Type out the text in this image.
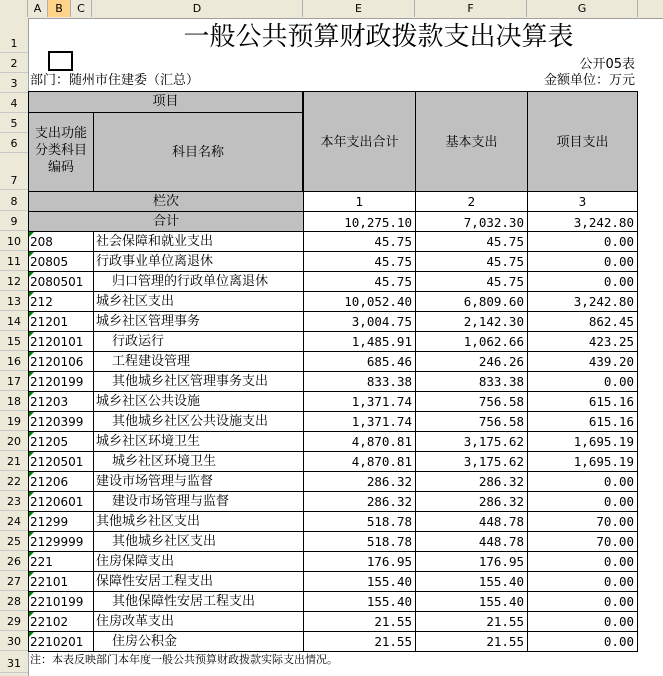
A	B	C	D	E	F	G
1
2
3
4
5
6
7
8
9
10
11
12
13
14
15
16
17
18
19
20
21
22
23
24
25
26
27
28
29
30
31
一般公共预算财政拨款支出决算表
公开05表
部门：随州市住建委（汇总）	金额单位：万元
项目
支出功能
分类科目
编码
科目名称
本年支出合计	基本支出	项目支出
栏次	1	2	3
合计	10,275.10	7,032.30	3,242.80
208	社会保障和就业支出	45.75	45.75	0.00
20805	行政事业单位离退休	45.75	45.75	0.00
2080501	归口管理的行政单位离退休	45.75	45.75	0.00
212	城乡社区支出	10,052.40	6,809.60	3,242.80
21201	城乡社区管理事务	3,004.75	2,142.30	862.45
2120101	行政运行	1,485.91	1,062.66	423.25
2120106	工程建设管理	685.46	246.26	439.20
2120199	其他城乡社区管理事务支出	833.38	833.38	0.00
21203	城乡社区公共设施	1,371.74	756.58	615.16
2120399	其他城乡社区公共设施支出	1,371.74	756.58	615.16
21205	城乡社区环境卫生	4,870.81	3,175.62	1,695.19
2120501	城乡社区环境卫生	4,870.81	3,175.62	1,695.19
21206	建设市场管理与监督	286.32	286.32	0.00
2120601	建设市场管理与监督	286.32	286.32	0.00
21299	其他城乡社区支出	518.78	448.78	70.00
2129999	其他城乡社区支出	518.78	448.78	70.00
221	住房保障支出	176.95	176.95	0.00
22101	保障性安居工程支出	155.40	155.40	0.00
2210199	其他保障性安居工程支出	155.40	155.40	0.00
22102	住房改革支出	21.55	21.55	0.00
2210201	住房公积金	21.55	21.55	0.00
注：本表反映部门本年度一般公共预算财政拨款实际支出情况。
